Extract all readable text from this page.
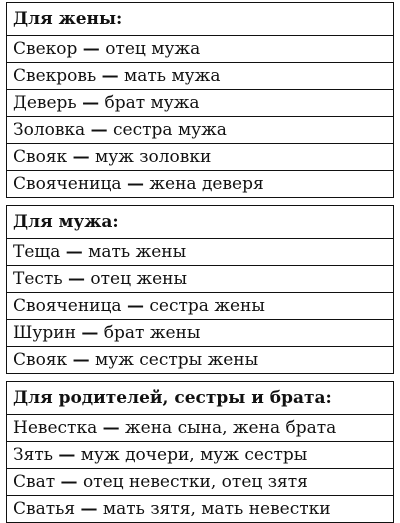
Для жены:
Свекор — отец мужа
Свекровь — мать мужа
Деверь — брат мужа
Золовка — сестра мужа
Свояк — муж золовки
Свояченица — жена деверя
Для мужа:
Теща — мать жены
Тесть — отец жены
Свояченица — сестра жены
Шурин — брат жены
Свояк — муж сестры жены
Для родителей, сестры и брата:
Невестка — жена сына, жена брата
Зять — муж дочери, муж сестры
Сват — отец невестки, отец зятя
Сватья — мать зятя, мать невестки
